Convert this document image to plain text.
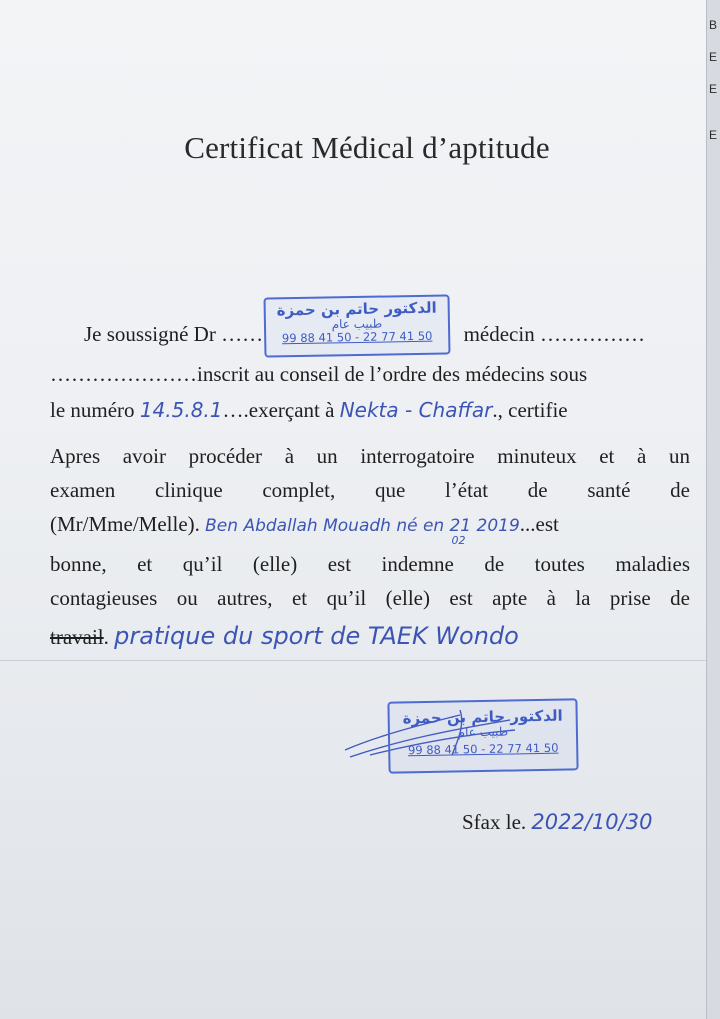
Certificat Médical d’aptitude
Je soussigné Dr ……	médecin ……………
الدكتور حاتم بن حمزة
طبيب عام
99 88 41 50 - 22 77 41 50
…………………inscrit au conseil de l’ordre des médecins sous
le numéro 14.5.8.1….exerçant à Nekta - Chaffar., certifie
Apres avoir procéder à un interrogatoire minuteux et à un
examen clinique complet, que l’état de santé de
(Mr/Mme/Melle). Ben Abdallah Mouadh né en 21
02
2019...est
bonne, et qu’il (elle) est indemne de toutes maladies
contagieuses ou autres, et qu’il (elle) est apte à la prise de
travail. pratique du sport de TAEK Wondo
الدكتور حاتم بن حمزة
طبيب عام
99 88 41 50 - 22 77 41 50
Sfax le. 2022/10/30
B
E
E
E
